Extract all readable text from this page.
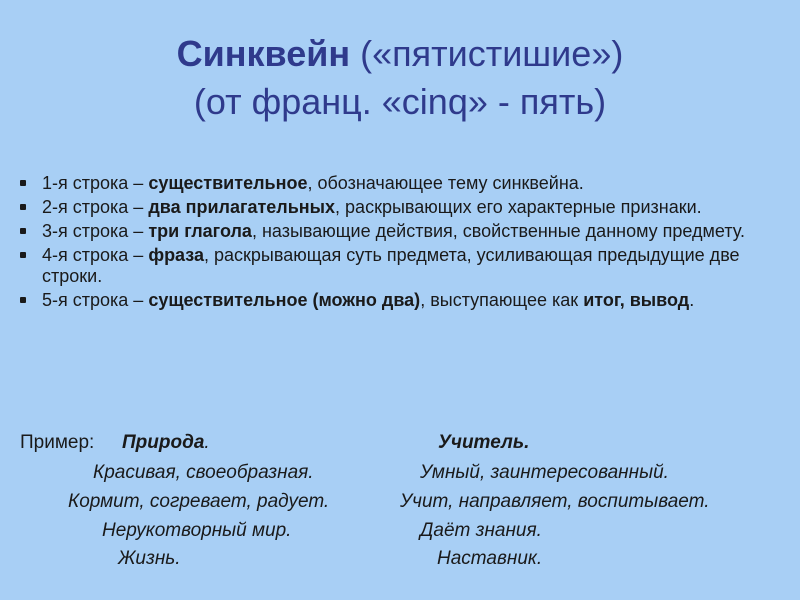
Синквейн («пятистишие»)
(от франц. «cinq» - пять)
1-я строка – существительное, обозначающее тему синквейна.
2-я строка – два прилагательных, раскрывающих его характерные признаки.
3-я строка – три глагола, называющие действия, свойственные данному предмету.
4-я строка – фраза, раскрывающая суть предмета, усиливающая предыдущие две строки.
5-я строка – существительное (можно два), выступающее как итог, вывод.
Пример: Природа.	Учитель.
Красивая, своеобразная.
Кормит, согревает, радует.
Нерукотворный мир.
Жизнь.
Умный, заинтересованный.
Учит, направляет, воспитывает.
Даёт знания.
Наставник.
